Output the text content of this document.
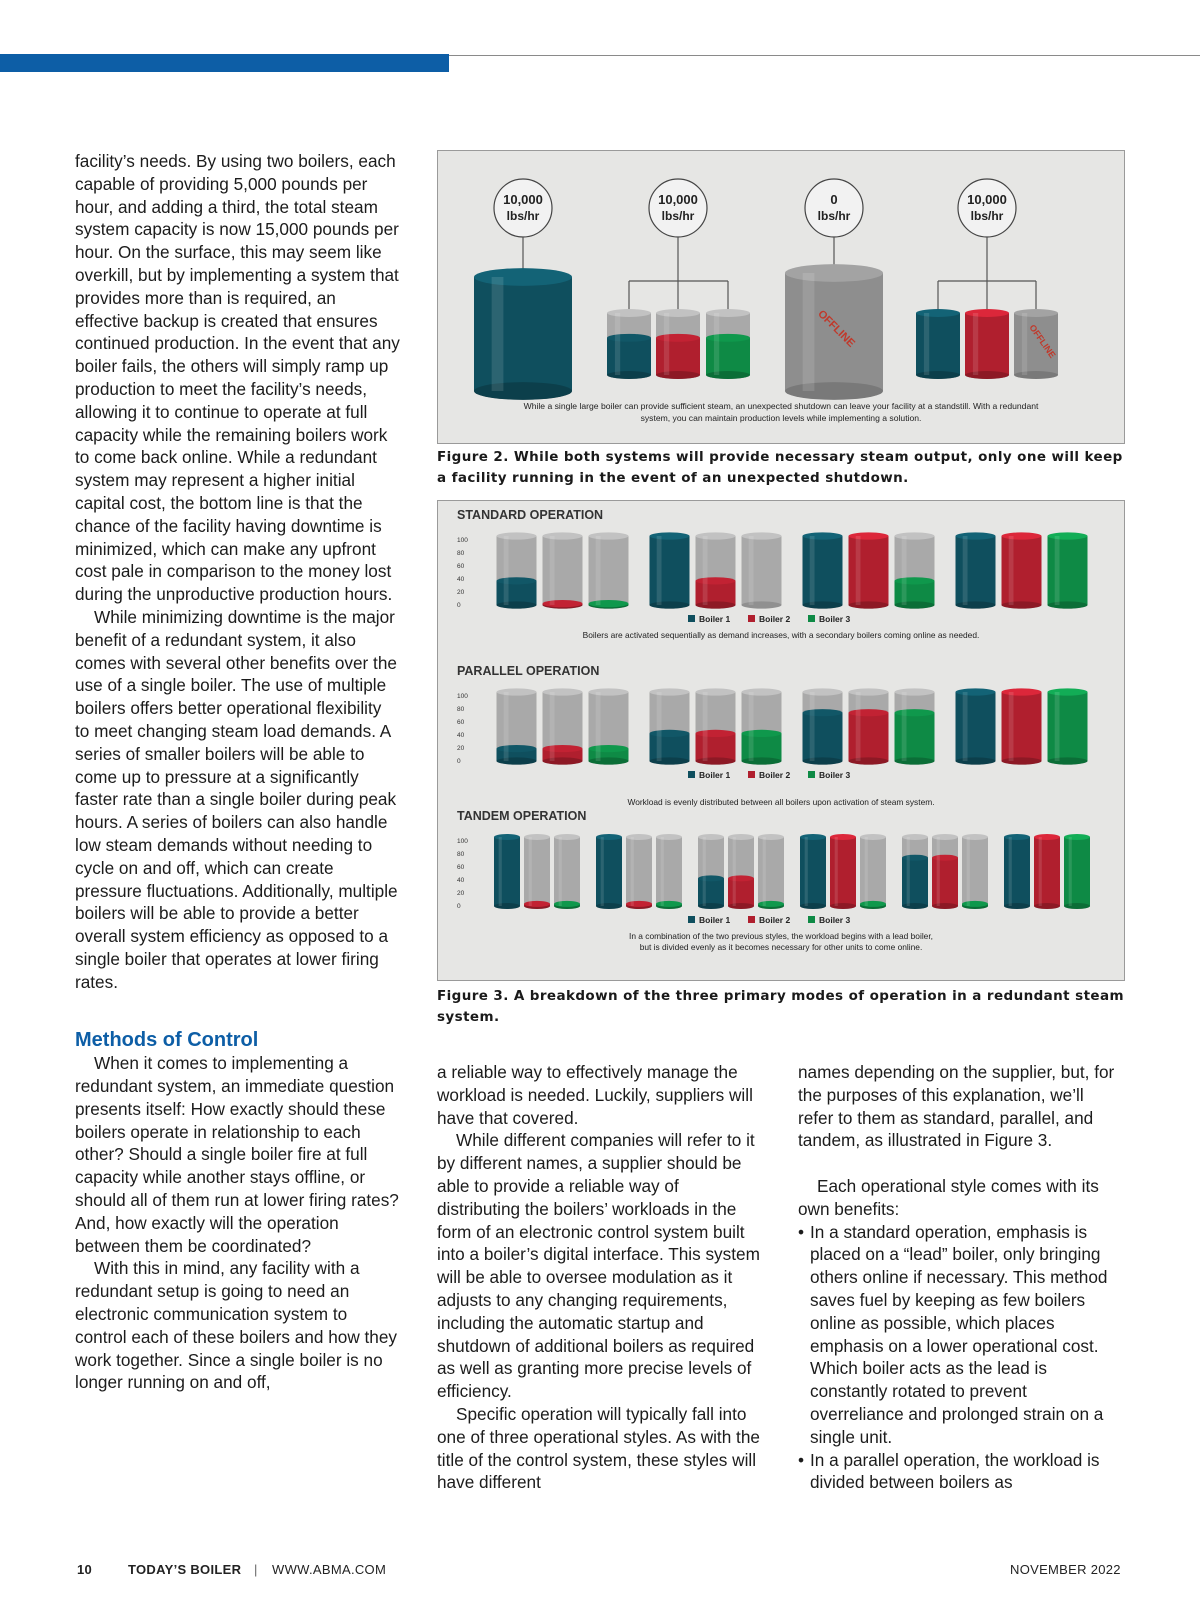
facility’s needs. By using two boilers, each capable of providing 5,000 pounds per hour, and adding a third, the total steam system capacity is now 15,000 pounds per hour. On the surface, this may seem like overkill, but by implementing a system that provides more than is required, an effective backup is created that ensures continued production. In the event that any boiler fails, the others will simply ramp up production to meet the facility’s needs, allowing it to continue to operate at full capacity while the remaining boilers work to come back online. While a redundant system may represent a higher initial capital cost, the bottom line is that the chance of the facility having downtime is minimized, which can make any upfront cost pale in comparison to the money lost during the unproductive production hours.

While minimizing downtime is the major benefit of a redundant system, it also comes with several other benefits over the use of a single boiler. The use of multiple boilers offers better operational flexibility to meet changing steam load demands. A series of smaller boilers will be able to come up to pressure at a significantly faster rate than a single boiler during peak hours. A series of boilers can also handle low steam demands without needing to cycle on and off, which can create pressure fluctuations. Additionally, multiple boilers will be able to provide a better overall system efficiency as opposed to a single boiler that operates at lower firing rates.

Methods of Control

When it comes to implementing a redundant system, an immediate question presents itself: How exactly should these boilers operate in relationship to each other? Should a single boiler fire at full capacity while another stays offline, or should all of them run at lower firing rates? And, how exactly will the operation between them be coordinated?

With this in mind, any facility with a redundant setup is going to need an electronic communication system to control each of these boilers and how they work together. Since a single boiler is no longer running on and off,

10,000
lbs/hr
10,000
lbs/hr
0
lbs/hr
10,000
lbs/hr
OFFLINE	OFFLINE
While a single large boiler can provide sufficient steam, an unexpected shutdown can leave your facility at a standstill. With a redundant
system, you can maintain production levels while implementing a solution.
Figure 2. While both systems will provide necessary steam output, only one will keep a facility running in the event of an unexpected shutdown.
STANDARD OPERATION
0
20
40
60
80
100
Boiler 1	Boiler 2	Boiler 3
Boilers are activated sequentially as demand increases, with a secondary boilers coming online as needed.
PARALLEL OPERATION
0
20
40
60
80
100
Boiler 1	Boiler 2	Boiler 3
Workload is evenly distributed between all boilers upon activation of steam system.
TANDEM OPERATION
0
20
40
60
80
100
Boiler 1	Boiler 2	Boiler 3
In a combination of the two previous styles, the workload begins with a lead boiler,
but is divided evenly as it becomes necessary for other units to come online.
Figure 3. A breakdown of the three primary modes of operation in a redundant steam system.

a reliable way to effectively manage the workload is needed. Luckily, suppliers will have that covered.

While different companies will refer to it by different names, a supplier should be able to provide a reliable way of distributing the boilers’ workloads in the form of an electronic control system built into a boiler’s digital interface. This system will be able to oversee modulation as it adjusts to any changing requirements, including the automatic startup and shutdown of additional boilers as required as well as granting more precise levels of efficiency.

Specific operation will typically fall into one of three operational styles. As with the title of the control system, these styles will have different

names depending on the supplier, but, for the purposes of this explanation, we’ll refer to them as standard, parallel, and tandem, as illustrated in Figure 3.

Each operational style comes with its own benefits:

• In a standard operation, emphasis is placed on a “lead” boiler, only bringing others online if necessary. This method saves fuel by keeping as few boilers online as possible, which places emphasis on a lower operational cost. Which boiler acts as the lead is constantly rotated to prevent overreliance and prolonged strain on a single unit.
• In a parallel operation, the workload is divided between boilers as
10	TODAY’S BOILER | WWW.ABMA.COM	NOVEMBER 2022
